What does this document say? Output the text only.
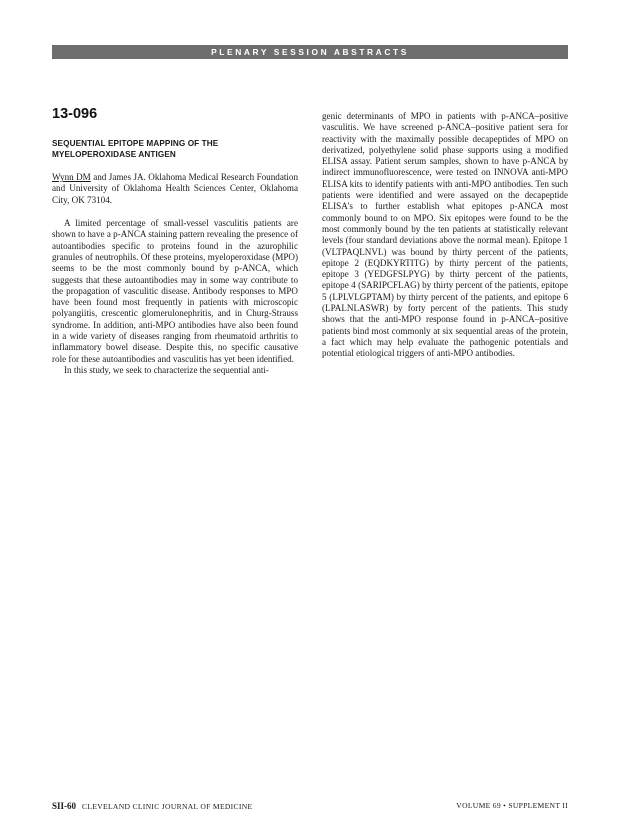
PLENARY SESSION ABSTRACTS
13-096
SEQUENTIAL EPITOPE MAPPING OF THE MYELOPEROXIDASE ANTIGEN

Wynn DM and James JA. Oklahoma Medical Research Foundation and University of Oklahoma Health Sciences Center, Oklahoma City, OK 73104.

A limited percentage of small-vessel vasculitis patients are shown to have a p-ANCA staining pattern revealing the presence of autoantibodies specific to proteins found in the azurophilic granules of neutrophils. Of these proteins, myeloperoxidase (MPO) seems to be the most commonly bound by p-ANCA, which suggests that these autoantibodies may in some way contribute to the propagation of vasculitic disease. Antibody responses to MPO have been found most frequently in patients with microscopic polyangiitis, crescentic glomerulonephritis, and in Churg-Strauss syndrome. In addition, anti-MPO antibodies have also been found in a wide variety of diseases ranging from rheumatoid arthritis to inflammatory bowel disease. Despite this, no specific causative role for these autoantibodies and vasculitis has yet been identified.

In this study, we seek to characterize the sequential anti-

genic determinants of MPO in patients with p-ANCA–positive vasculitis. We have screened p-ANCA–positive patient sera for reactivity with the maximally possible decapeptides of MPO on derivatized, polyethylene solid phase supports using a modified ELISA assay. Patient serum samples, shown to have p-ANCA by indirect immunofluorescence, were tested on INNOVA anti-MPO ELISA kits to identify patients with anti-MPO antibodies. Ten such patients were identified and were assayed on the decapeptide ELISA's to further establish what epitopes p-ANCA most commonly bound to on MPO. Six epitopes were found to be the most commonly bound by the ten patients at statistically relevant levels (four standard deviations above the normal mean). Epitope 1 (VLTPAQLNVL) was bound by thirty percent of the patients, epitope 2 (EQDKYRTITG) by thirty percent of the patients, epitope 3 (YEDGFSLPYG) by thirty percent of the patients, epitope 4 (SARIPCFLAG) by thirty percent of the patients, epitope 5 (LPLVLGPTAM) by thirty percent of the patients, and epitope 6 (LPALNLASWR) by forty percent of the patients. This study shows that the anti-MPO response found in p-ANCA–positive patients bind most commonly at six sequential areas of the protein, a fact which may help evaluate the pathogenic potentials and potential etiological triggers of anti-MPO antibodies.

SII-60 CLEVELAND CLINIC JOURNAL OF MEDICINE	VOLUME 69 • SUPPLEMENT II
